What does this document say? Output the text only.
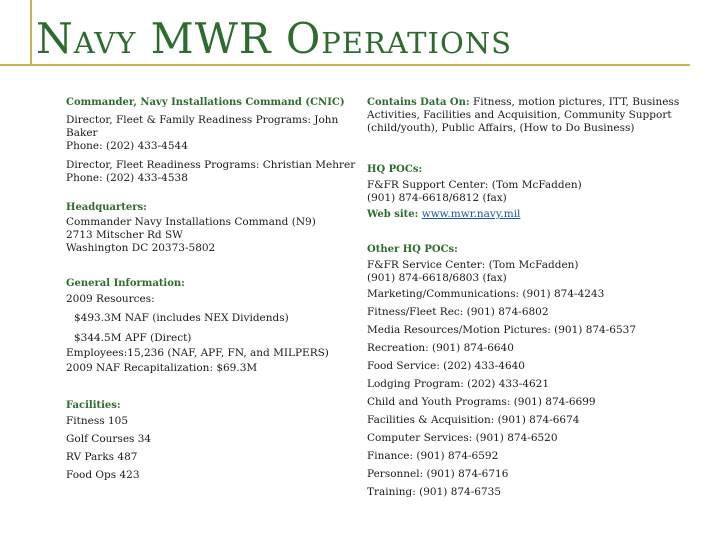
Navy MWR Operations

Commander, Navy Installations Command (CNIC)

Director, Fleet & Family Readiness Programs: John Baker

Phone: (202) 433-4544

Director, Fleet Readiness Programs: Christian Mehrer

Phone: (202) 433-4538

Headquarters:

Commander Navy Installations Command (N9)

2713 Mitscher Rd SW

Washington DC 20373-5802

General Information:

2009 Resources:

$493.3M NAF (includes NEX Dividends)

$344.5M APF (Direct)

Employees:15,236 (NAF, APF, FN, and MILPERS)

2009 NAF Recapitalization: $69.3M

Facilities:

Fitness 105

Golf Courses 34

RV Parks 487

Food Ops 423

Contains Data On: Fitness, motion pictures, ITT, Business Activities, Facilities and Acquisition, Community Support (child/youth), Public Affairs, (How to Do Business)

HQ POCs:

F&FR Support Center: (Tom McFadden)

(901) 874-6618/6812 (fax)

Web site: www.mwr.navy.mil

Other HQ POCs:

F&FR Service Center: (Tom McFadden)

(901) 874-6618/6803 (fax)

Marketing/Communications: (901) 874-4243

Fitness/Fleet Rec: (901) 874-6802

Media Resources/Motion Pictures: (901) 874-6537

Recreation: (901) 874-6640

Food Service: (202) 433-4640

Lodging Program: (202) 433-4621

Child and Youth Programs: (901) 874-6699

Facilities & Acquisition: (901) 874-6674

Computer Services: (901) 874-6520

Finance: (901) 874-6592

Personnel: (901) 874-6716

Training: (901) 874-6735
